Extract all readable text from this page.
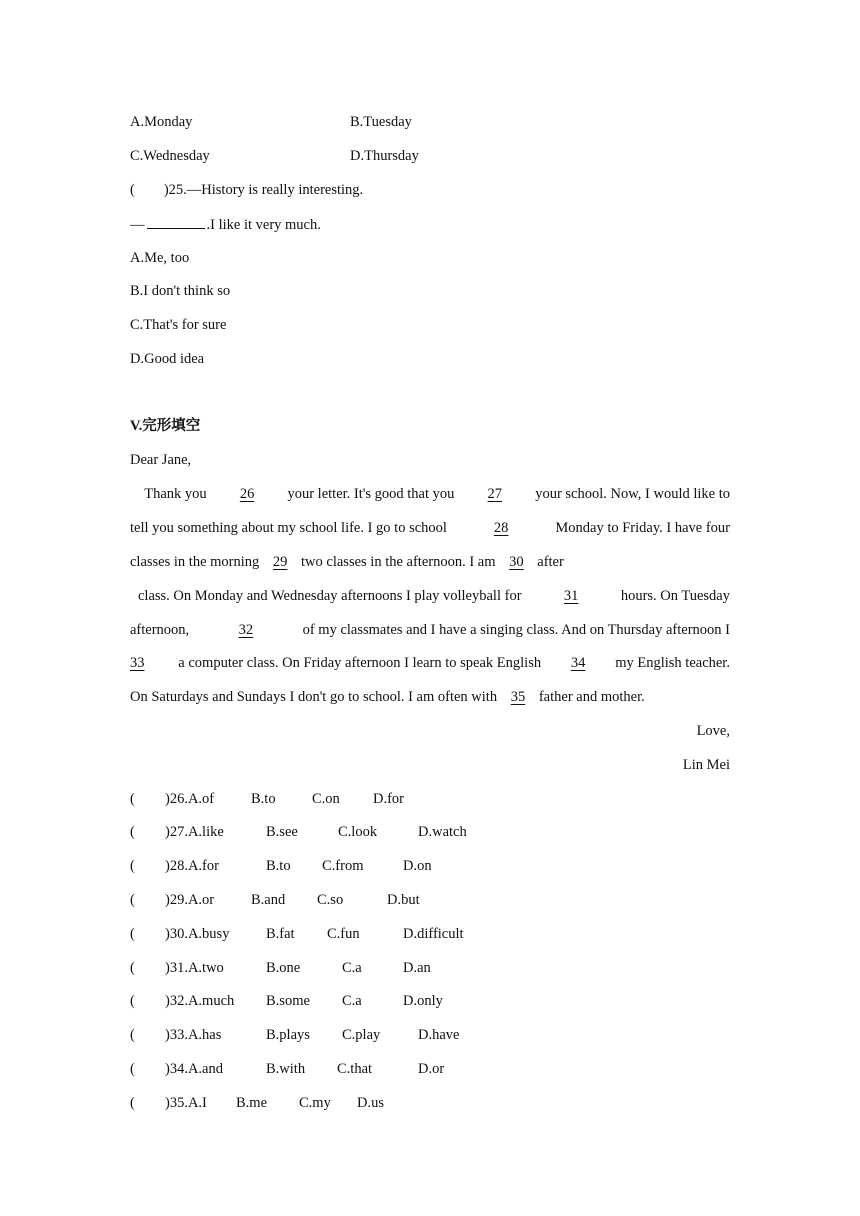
A.Monday	B.Tuesday
C.Wednesday	D.Thursday
(　　)25.—History is really interesting.
—	.I like it very much.
A.Me, too
B.I don't think so
C.That's for sure
D.Good idea
V.完形填空
Dear Jane,
Thank you	26	your letter. It's good that you	27	your school. Now, I would like to
tell you something about my school life. I go to school	28	Monday to Friday. I have four
classes in the morning 29 two classes in the afternoon. I am 30 after
class. On Monday and Wednesday afternoons I play volleyball for	31	hours. On Tuesday
afternoon,	32	of my classmates and I have a singing class. And on Thursday afternoon I
33	a computer class. On Friday afternoon I learn to speak English	34	my English teacher.
On Saturdays and Sundays I don't go to school. I am often with 35 father and mother.
Love,
Lin Mei
( )26.A.of	B.to	C.on D.for
( )27.A.like	B.see	C.look	D.watch
( )28.A.for	B.to C.from	D.on
( )29.A.or	B.and C.so	D.but
( )30.A.busy	B.fat C.fun	D.difficult
( )31.A.two	B.one	C.a	D.an
( )32.A.much B.some C.a	D.only
( )33.A.has	B.plays C.play	D.have
( )34.A.and	B.with C.that	D.or
( )35.A.I B.me C.my D.us
